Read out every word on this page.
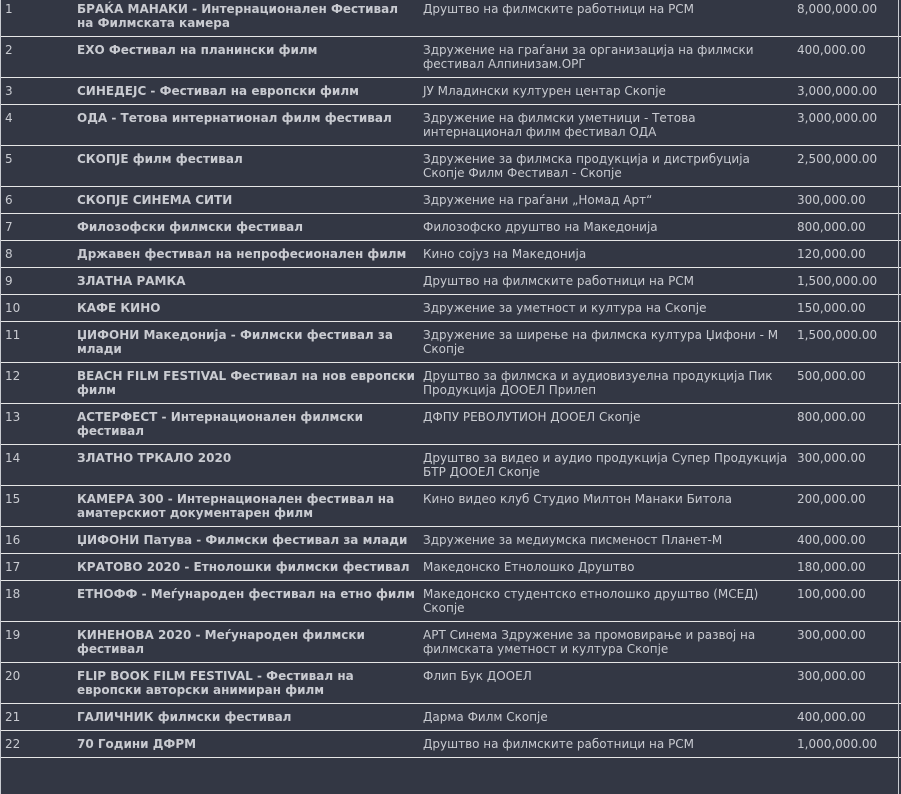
1	БРАЌА МАНАКИ - Интернационален Фестивал на Филмската камера	Друштво на филмските работници на РСМ	8,000,000.00
2	ЕХО Фестивал на планински филм	Здружение на граѓани за организација на филмски фестивал Алпинизам.ОРГ	400,000.00
3	СИНЕДЕЈС - Фестивал на европски филм	ЈУ Младински културен центар Скопје	3,000,000.00
4	ОДА - Тетова интернатионал филм фестивал	Здружение на филмски уметници - Тетова интернационал филм фестивал ОДА	3,000,000.00
5	СКОПЈЕ филм фестивал	Здружение за филмска продукција и дистрибуција Скопје Филм Фестивал - Скопје	2,500,000.00
6	СКОПЈЕ СИНЕМА СИТИ	Здружение на граѓани „Номад Арт“	300,000.00
7	Филозофски филмски фестивал	Филозофско друштво на Македонија	800,000.00
8	Државен фестивал на непрофесионален филм	Кино сојуз на Македонија	120,000.00
9	ЗЛАТНА РАМКА	Друштво на филмските работници на РСМ	1,500,000.00
10	КАФЕ КИНО	Здружение за уметност и култура на Скопје	150,000.00
11	ЏИФОНИ Македонија - Филмски фестивал за млади	Здружение за ширење на филмска култура Џифони - М Скопје	1,500,000.00
12	BEACH FILM FESTIVAL Фестивал на нов европски филм	Друштво за филмска и аудиовизуелна продукција Пик Продукција ДООЕЛ Прилеп	500,000.00
13	АСТЕРФЕСТ - Интернационален филмски фестивал	ДФПУ РЕВОЛУТИОН ДООЕЛ Скопје	800,000.00
14	ЗЛАТНО ТРКАЛО 2020	Друштво за видео и аудио продукција Супер Продукција БТР ДООЕЛ Скопје	300,000.00
15	КАМЕРА 300 - Интернационален фестивал на аматерскиот документарен филм	Кино видео клуб Студио Милтон Манаки Битола	200,000.00
16	ЏИФОНИ Патува - Филмски фестивал за млади	Здружение за медиумска писменост Планет-М	400,000.00
17	КРАТОВО 2020 - Етнолошки филмски фестивал	Македонско Етнолошко Друштво	180,000.00
18	ЕТНОФФ - Меѓународен фестивал на етно филм	Македонско студентско етнолошко друштво (МСЕД) Скопје	100,000.00
19	КИНЕНОВА 2020 - Меѓународен филмски фестивал	АРТ Синема Здружение за промовирање и развој на филмската уметност и култура Скопје	300,000.00
20	FLIP BOOK FILM FESTIVAL - Фестивал на европски авторски анимиран филм	Флип Бук ДООЕЛ	300,000.00
21	ГАЛИЧНИК филмски фестивал	Дарма Филм Скопје	400,000.00
22	70 Години ДФРМ	Друштво на филмските работници на РСМ	1,000,000.00
